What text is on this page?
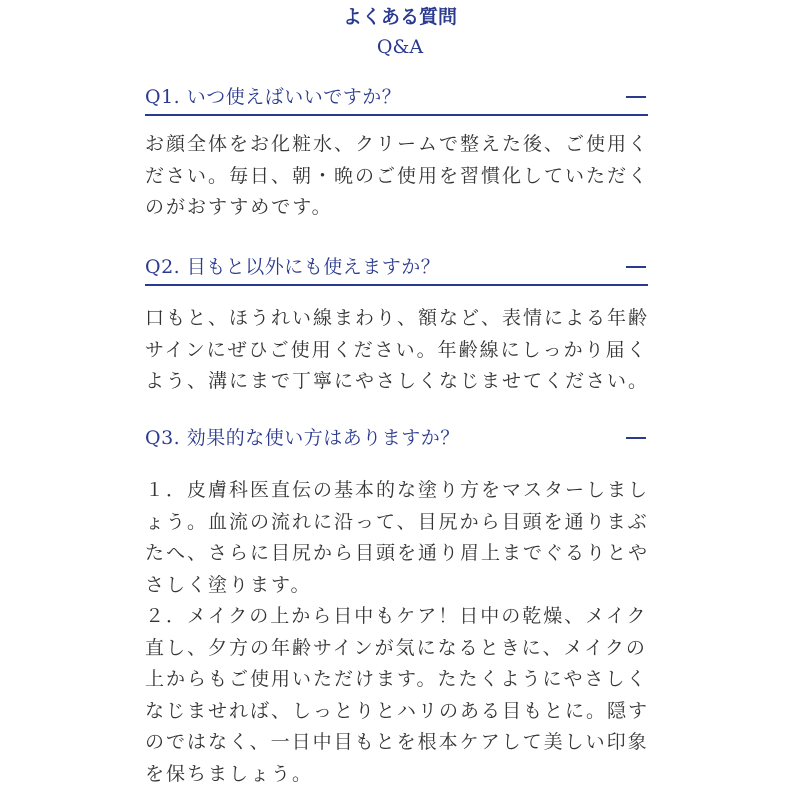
よくある質問
Q&A
Q1. いつ使えばいいですか？

お顔全体をお化粧水、クリームで整えた後、ご使用く
ださい。毎日、朝・晩のご使用を習慣化していただく
のがおすすめです。

Q2. 目もと以外にも使えますか？

口もと、ほうれい線まわり、額など、表情による年齢
サインにぜひご使用ください。年齢線にしっかり届く
よう、溝にまで丁寧にやさしくなじませてください。

Q3. 効果的な使い方はありますか？

１．皮膚科医直伝の基本的な塗り方をマスターしまし
ょう。血流の流れに沿って、目尻から目頭を通りまぶ
たへ、さらに目尻から目頭を通り眉上までぐるりとや
さしく塗ります。
２．メイクの上から日中もケア！日中の乾燥、メイク
直し、夕方の年齢サインが気になるときに、メイクの
上からもご使用いただけます。たたくようにやさしく
なじませれば、しっとりとハリのある目もとに。隠す
のではなく、一日中目もとを根本ケアして美しい印象
を保ちましょう。
